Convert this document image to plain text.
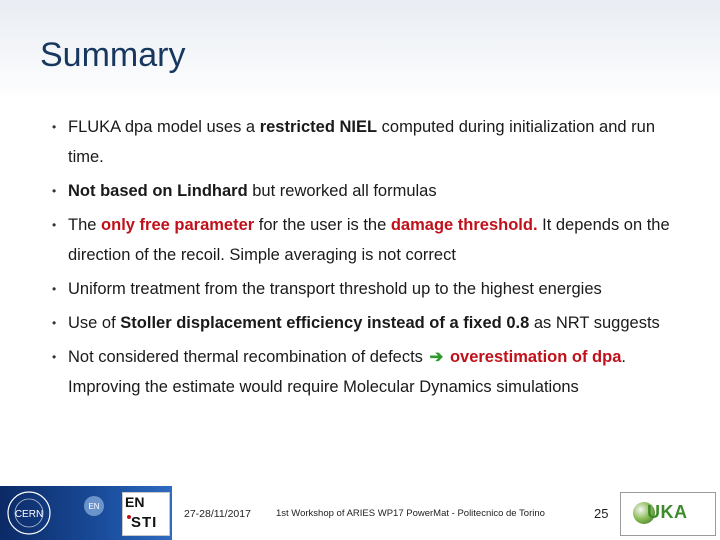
Summary
• FLUKA dpa model uses a restricted NIEL computed during initialization and run time.
• Not based on Lindhard but reworked all formulas
• The only free parameter for the user is the damage threshold. It depends on the direction of the recoil. Simple averaging is not correct
• Uniform treatment from the transport threshold up to the highest energies
• Use of Stoller displacement efficiency instead of a fixed 0.8 as NRT suggests
• Not considered thermal recombination of defects ➔ overestimation of dpa. Improving the estimate would require Molecular Dynamics simulations
CERN
EN EN
STI	27-28/11/2017	1st Workshop of ARIES WP17 PowerMat - Politecnico de Torino	25 UKA
